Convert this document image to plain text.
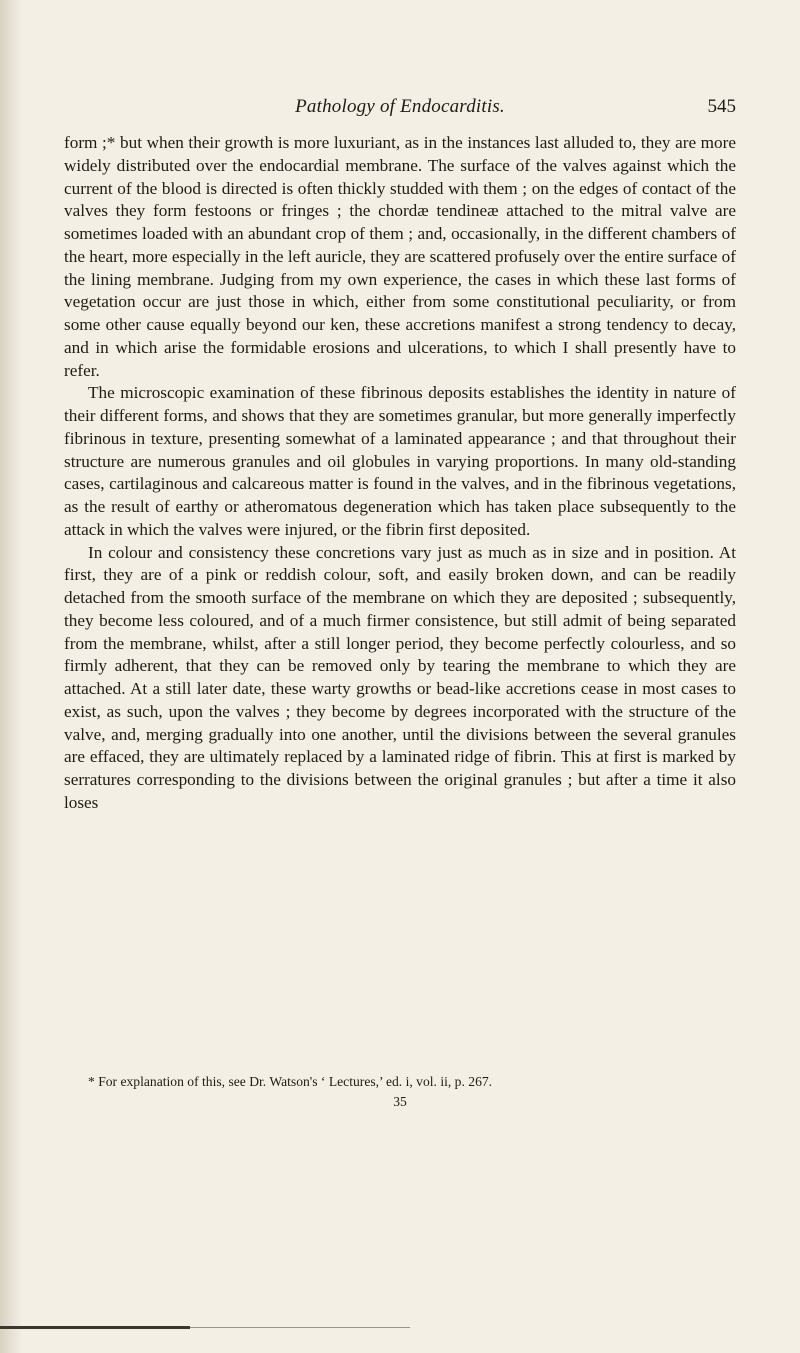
Pathology of Endocarditis.	545

form ;* but when their growth is more luxuriant, as in the instances last alluded to, they are more widely distributed over the endocardial membrane. The surface of the valves against which the current of the blood is directed is often thickly studded with them ; on the edges of contact of the valves they form festoons or fringes ; the chordæ tendineæ attached to the mitral valve are sometimes loaded with an abundant crop of them ; and, occasionally, in the different chambers of the heart, more especially in the left auricle, they are scattered profusely over the entire surface of the lining membrane. Judging from my own experience, the cases in which these last forms of vegetation occur are just those in which, either from some constitutional peculiarity, or from some other cause equally beyond our ken, these accretions manifest a strong tendency to decay, and in which arise the formidable erosions and ulcerations, to which I shall presently have to refer.

The microscopic examination of these fibrinous deposits establishes the identity in nature of their different forms, and shows that they are sometimes granular, but more generally imperfectly fibrinous in texture, presenting somewhat of a laminated appearance ; and that throughout their structure are numerous granules and oil globules in varying proportions. In many old-standing cases, cartilaginous and calcareous matter is found in the valves, and in the fibrinous vegetations, as the result of earthy or atheromatous degeneration which has taken place subsequently to the attack in which the valves were injured, or the fibrin first deposited.

In colour and consistency these concretions vary just as much as in size and in position. At first, they are of a pink or reddish colour, soft, and easily broken down, and can be readily detached from the smooth surface of the membrane on which they are deposited ; subsequently, they become less coloured, and of a much firmer consistence, but still admit of being separated from the membrane, whilst, after a still longer period, they become perfectly colourless, and so firmly adherent, that they can be removed only by tearing the membrane to which they are attached. At a still later date, these warty growths or bead-like accretions cease in most cases to exist, as such, upon the valves ; they become by degrees incorporated with the structure of the valve, and, merging gradually into one another, until the divisions between the several granules are effaced, they are ultimately replaced by a laminated ridge of fibrin. This at first is marked by serratures corresponding to the divisions between the original granules ; but after a time it also loses

* For explanation of this, see Dr. Watson's ‘ Lectures,’ ed. i, vol. ii, p. 267.
35
